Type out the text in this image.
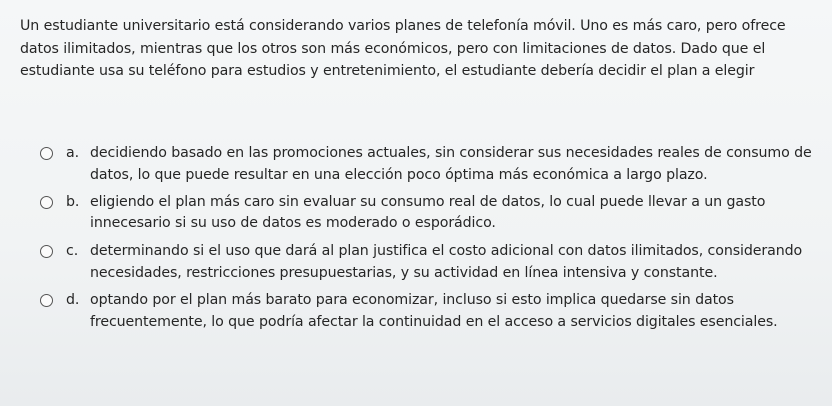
Un estudiante universitario está considerando varios planes de telefonía móvil. Uno es más caro, pero ofrece datos ilimitados, mientras que los otros son más económicos, pero con limitaciones de datos. Dado que el estudiante usa su teléfono para estudios y entretenimiento, el estudiante debería decidir el plan a elegir

a. decidiendo basado en las promociones actuales, sin considerar sus necesidades reales de consumo de datos, lo que puede resultar en una elección poco óptima más económica a largo plazo.
b. eligiendo el plan más caro sin evaluar su consumo real de datos, lo cual puede llevar a un gasto innecesario si su uso de datos es moderado o esporádico.
c. determinando si el uso que dará al plan justifica el costo adicional con datos ilimitados, considerando necesidades, restricciones presupuestarias, y su actividad en línea intensiva y constante.
d. optando por el plan más barato para economizar, incluso si esto implica quedarse sin datos frecuentemente, lo que podría afectar la continuidad en el acceso a servicios digitales esenciales.
